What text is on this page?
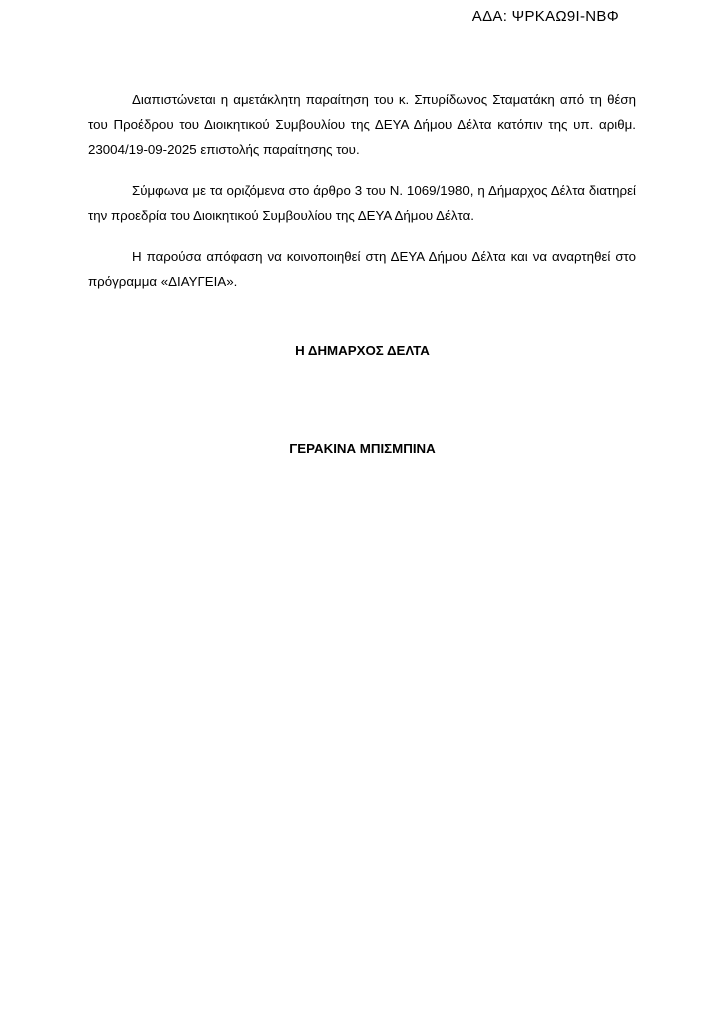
ΑΔΑ: ΨΡΚΑΩ9Ι-ΝΒΦ

Διαπιστώνεται η αμετάκλητη παραίτηση του κ. Σπυρίδωνος Σταματάκη από τη θέση του Προέδρου του Διοικητικού Συμβουλίου της ΔΕΥΑ Δήμου Δέλτα κατόπιν της υπ. αριθμ. 23004/19-09-2025 επιστολής παραίτησης του.

Σύμφωνα με τα οριζόμενα στο άρθρο 3 του Ν. 1069/1980, η Δήμαρχος Δέλτα διατηρεί την προεδρία του Διοικητικού Συμβουλίου της ΔΕΥΑ Δήμου Δέλτα.

Η παρούσα απόφαση να κοινοποιηθεί στη ΔΕΥΑ Δήμου Δέλτα και να αναρτηθεί στο πρόγραμμα «ΔΙΑΥΓΕΙΑ».

Η ΔΗΜΑΡΧΟΣ ΔΕΛΤΑ
ΓΕΡΑΚΙΝΑ ΜΠΙΣΜΠΙΝΑ
